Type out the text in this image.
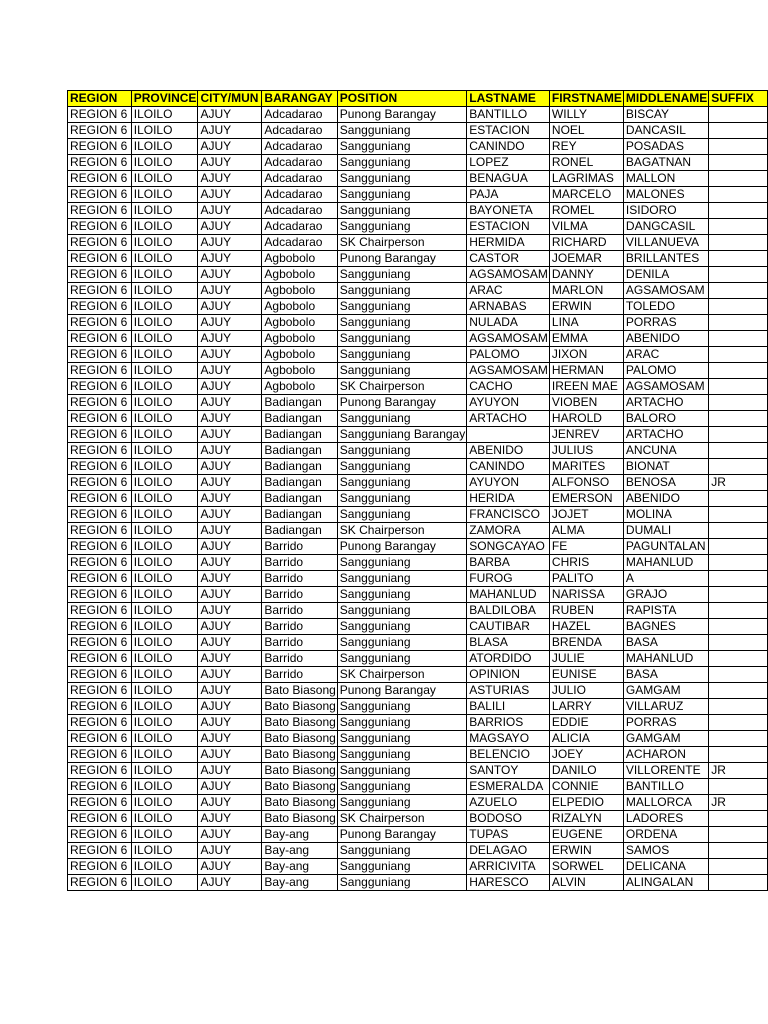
REGION	PROVINCE	CITY/MUN	BARANGAY	POSITION	LASTNAME	FIRSTNAME	MIDDLENAME	SUFFIX
REGION 6	ILOILO	AJUY	Adcadarao	Punong Barangay	BANTILLO	WILLY	BISCAY	
REGION 6	ILOILO	AJUY	Adcadarao	Sangguniang	ESTACION	NOEL	DANCASIL	
REGION 6	ILOILO	AJUY	Adcadarao	Sangguniang	CANINDO	REY	POSADAS	
REGION 6	ILOILO	AJUY	Adcadarao	Sangguniang	LOPEZ	RONEL	BAGATNAN	
REGION 6	ILOILO	AJUY	Adcadarao	Sangguniang	BENAGUA	LAGRIMAS	MALLON	
REGION 6	ILOILO	AJUY	Adcadarao	Sangguniang	PAJA	MARCELO	MALONES	
REGION 6	ILOILO	AJUY	Adcadarao	Sangguniang	BAYONETA	ROMEL	ISIDORO	
REGION 6	ILOILO	AJUY	Adcadarao	Sangguniang	ESTACION	VILMA	DANGCASIL	
REGION 6	ILOILO	AJUY	Adcadarao	SK Chairperson	HERMIDA	RICHARD	VILLANUEVA	
REGION 6	ILOILO	AJUY	Agbobolo	Punong Barangay	CASTOR	JOEMAR	BRILLANTES	
REGION 6	ILOILO	AJUY	Agbobolo	Sangguniang	AGSAMOSAM	DANNY	DENILA	
REGION 6	ILOILO	AJUY	Agbobolo	Sangguniang	ARAC	MARLON	AGSAMOSAM	
REGION 6	ILOILO	AJUY	Agbobolo	Sangguniang	ARNABAS	ERWIN	TOLEDO	
REGION 6	ILOILO	AJUY	Agbobolo	Sangguniang	NULADA	LINA	PORRAS	
REGION 6	ILOILO	AJUY	Agbobolo	Sangguniang	AGSAMOSAM	EMMA	ABENIDO	
REGION 6	ILOILO	AJUY	Agbobolo	Sangguniang	PALOMO	JIXON	ARAC	
REGION 6	ILOILO	AJUY	Agbobolo	Sangguniang	AGSAMOSAM	HERMAN	PALOMO	
REGION 6	ILOILO	AJUY	Agbobolo	SK Chairperson	CACHO	IREEN MAE	AGSAMOSAM	
REGION 6	ILOILO	AJUY	Badiangan	Punong Barangay	AYUYON	VIOBEN	ARTACHO	
REGION 6	ILOILO	AJUY	Badiangan	Sangguniang	ARTACHO	HAROLD	BALORO	
REGION 6	ILOILO	AJUY	Badiangan	Sangguniang Barangay		JENREV	ARTACHO	
REGION 6	ILOILO	AJUY	Badiangan	Sangguniang	ABENIDO	JULIUS	ANCUNA	
REGION 6	ILOILO	AJUY	Badiangan	Sangguniang	CANINDO	MARITES	BIONAT	
REGION 6	ILOILO	AJUY	Badiangan	Sangguniang	AYUYON	ALFONSO	BENOSA	JR
REGION 6	ILOILO	AJUY	Badiangan	Sangguniang	HERIDA	EMERSON	ABENIDO	
REGION 6	ILOILO	AJUY	Badiangan	Sangguniang	FRANCISCO	JOJET	MOLINA	
REGION 6	ILOILO	AJUY	Badiangan	SK Chairperson	ZAMORA	ALMA	DUMALI	
REGION 6	ILOILO	AJUY	Barrido	Punong Barangay	SONGCAYAO	FE	PAGUNTALAN	
REGION 6	ILOILO	AJUY	Barrido	Sangguniang	BARBA	CHRIS	MAHANLUD	
REGION 6	ILOILO	AJUY	Barrido	Sangguniang	FUROG	PALITO	A	
REGION 6	ILOILO	AJUY	Barrido	Sangguniang	MAHANLUD	NARISSA	GRAJO	
REGION 6	ILOILO	AJUY	Barrido	Sangguniang	BALDILOBA	RUBEN	RAPISTA	
REGION 6	ILOILO	AJUY	Barrido	Sangguniang	CAUTIBAR	HAZEL	BAGNES	
REGION 6	ILOILO	AJUY	Barrido	Sangguniang	BLASA	BRENDA	BASA	
REGION 6	ILOILO	AJUY	Barrido	Sangguniang	ATORDIDO	JULIE	MAHANLUD	
REGION 6	ILOILO	AJUY	Barrido	SK Chairperson	OPINION	EUNISE	BASA	
REGION 6	ILOILO	AJUY	Bato Biasong	Punong Barangay	ASTURIAS	JULIO	GAMGAM	
REGION 6	ILOILO	AJUY	Bato Biasong	Sangguniang	BALILI	LARRY	VILLARUZ	
REGION 6	ILOILO	AJUY	Bato Biasong	Sangguniang	BARRIOS	EDDIE	PORRAS	
REGION 6	ILOILO	AJUY	Bato Biasong	Sangguniang	MAGSAYO	ALICIA	GAMGAM	
REGION 6	ILOILO	AJUY	Bato Biasong	Sangguniang	BELENCIO	JOEY	ACHARON	
REGION 6	ILOILO	AJUY	Bato Biasong	Sangguniang	SANTOY	DANILO	VILLORENTE	JR
REGION 6	ILOILO	AJUY	Bato Biasong	Sangguniang	ESMERALDA	CONNIE	BANTILLO	
REGION 6	ILOILO	AJUY	Bato Biasong	Sangguniang	AZUELO	ELPEDIO	MALLORCA	JR
REGION 6	ILOILO	AJUY	Bato Biasong	SK Chairperson	BODOSO	RIZALYN	LADORES	
REGION 6	ILOILO	AJUY	Bay-ang	Punong Barangay	TUPAS	EUGENE	ORDENA	
REGION 6	ILOILO	AJUY	Bay-ang	Sangguniang	DELAGAO	ERWIN	SAMOS	
REGION 6	ILOILO	AJUY	Bay-ang	Sangguniang	ARRICIVITA	SORWEL	DELICANA	
REGION 6	ILOILO	AJUY	Bay-ang	Sangguniang	HARESCO	ALVIN	ALINGALAN	
